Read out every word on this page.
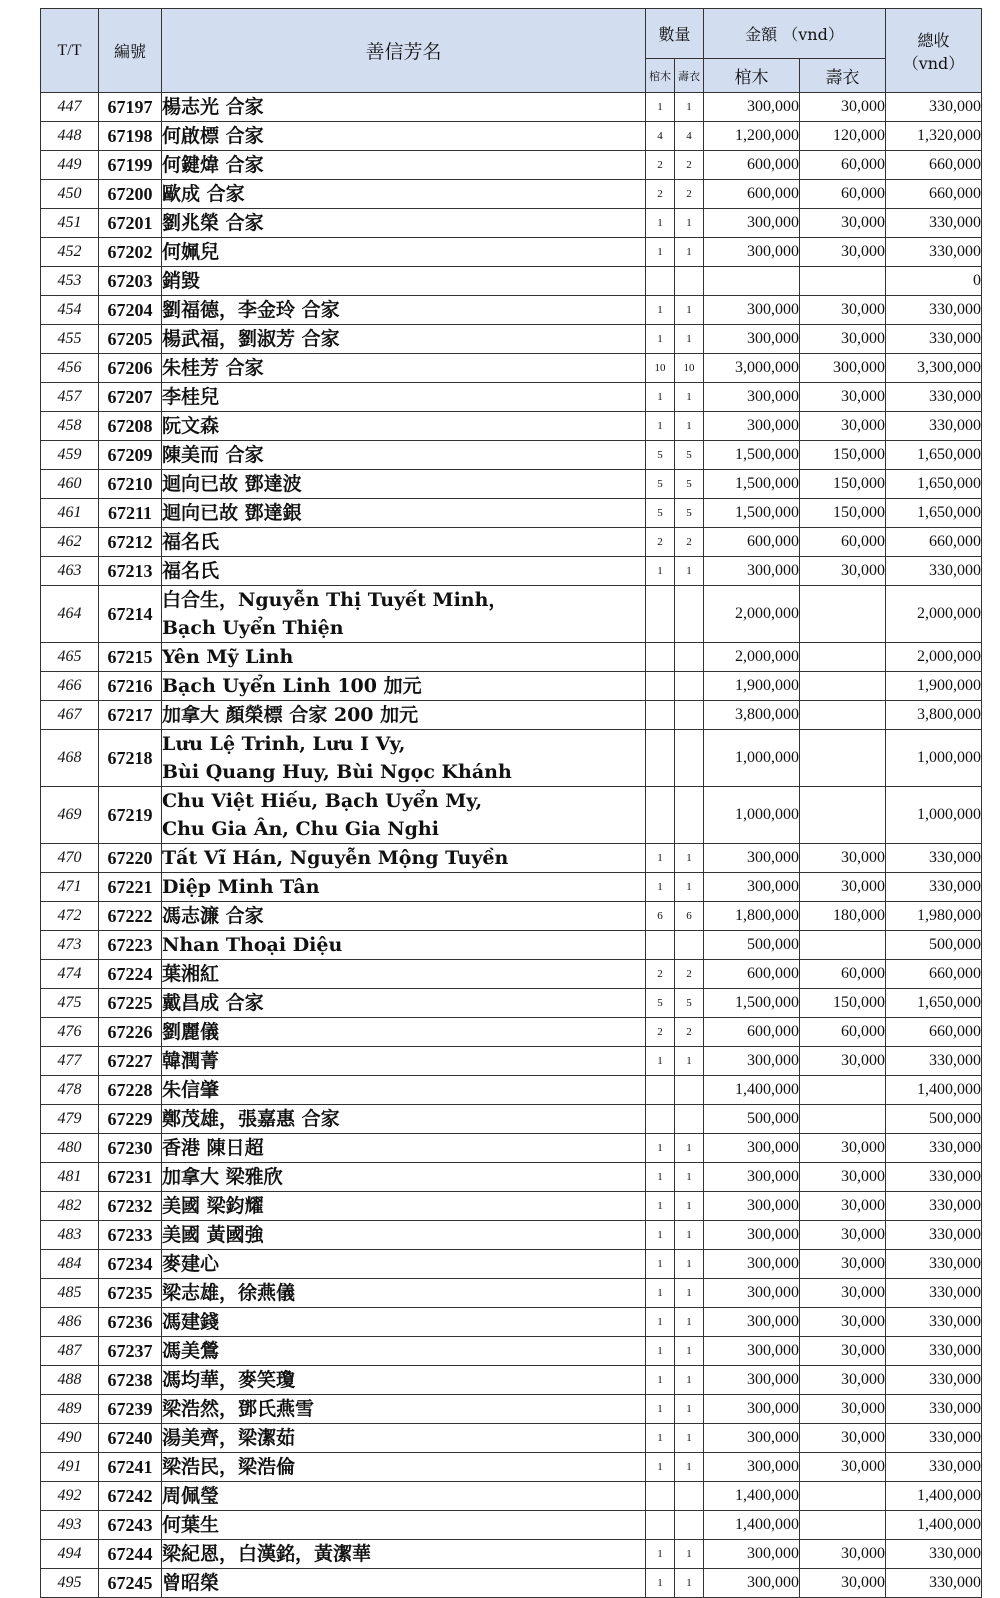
T/T	編號	善信芳名	數量		金額 （vnd）		總收
（vnd）

			棺木	壽衣	棺木	壽衣	
447	67197	楊志光 合家	1	1	300,000	30,000	330,000
448	67198	何啟標 合家	4	4	1,200,000	120,000	1,320,000
449	67199	何鍵煒 合家	2	2	600,000	60,000	660,000
450	67200	歐成 合家	2	2	600,000	60,000	660,000
451	67201	劉兆榮 合家	1	1	300,000	30,000	330,000
452	67202	何姵兒	1	1	300,000	30,000	330,000
453	67203	銷毀					0
454	67204	劉福德，李金玲 合家	1	1	300,000	30,000	330,000
455	67205	楊武福，劉淑芳 合家	1	1	300,000	30,000	330,000
456	67206	朱桂芳 合家	10	10	3,000,000	300,000	3,300,000
457	67207	李桂兒	1	1	300,000	30,000	330,000
458	67208	阮文森	1	1	300,000	30,000	330,000
459	67209	陳美而 合家	5	5	1,500,000	150,000	1,650,000
460	67210	迴向已故 鄧達波	5	5	1,500,000	150,000	1,650,000
461	67211	迴向已故 鄧達銀	5	5	1,500,000	150,000	1,650,000
462	67212	福名氏	2	2	600,000	60,000	660,000
463	67213	福名氏	1	1	300,000	30,000	330,000
464	67214	白合生，Nguyễn Thị Tuyết Minh，
Bạch Uyển Thiện			2,000,000		2,000,000
465	67215	Yên Mỹ Linh			2,000,000		2,000,000
466	67216	Bạch Uyển Linh 100 加元			1,900,000		1,900,000
467	67217	加拿大 顏榮標 合家 200 加元			3,800,000		3,800,000
468	67218	Lưu Lệ Trinh, Lưu I Vy,
Bùi Quang Huy, Bùi Ngọc Khánh			1,000,000		1,000,000
469	67219	Chu Việt Hiếu, Bạch Uyển My,
Chu Gia Ân, Chu Gia Nghi			1,000,000		1,000,000
470	67220	Tất Vĩ Hán, Nguyễn Mộng Tuyền	1	1	300,000	30,000	330,000
471	67221	Diệp Minh Tân	1	1	300,000	30,000	330,000
472	67222	馮志濂 合家	6	6	1,800,000	180,000	1,980,000
473	67223	Nhan Thoại Diệu			500,000		500,000
474	67224	葉湘紅	2	2	600,000	60,000	660,000
475	67225	戴昌成 合家	5	5	1,500,000	150,000	1,650,000
476	67226	劉麗儀	2	2	600,000	60,000	660,000
477	67227	韓潤菁	1	1	300,000	30,000	330,000
478	67228	朱信肇			1,400,000		1,400,000
479	67229	鄭茂雄，張嘉惠 合家			500,000		500,000
480	67230	香港 陳日超	1	1	300,000	30,000	330,000
481	67231	加拿大 梁雅欣	1	1	300,000	30,000	330,000
482	67232	美國 梁鈞耀	1	1	300,000	30,000	330,000
483	67233	美國 黃國強	1	1	300,000	30,000	330,000
484	67234	麥建心	1	1	300,000	30,000	330,000
485	67235	梁志雄，徐燕儀	1	1	300,000	30,000	330,000
486	67236	馮建錢	1	1	300,000	30,000	330,000
487	67237	馮美鶯	1	1	300,000	30,000	330,000
488	67238	馮均華，麥笑瓊	1	1	300,000	30,000	330,000
489	67239	梁浩然，鄧氏燕雪	1	1	300,000	30,000	330,000
490	67240	湯美齊，梁潔茹	1	1	300,000	30,000	330,000
491	67241	梁浩民，梁浩倫	1	1	300,000	30,000	330,000
492	67242	周佩瑩			1,400,000		1,400,000
493	67243	何葉生			1,400,000		1,400,000
494	67244	梁紀恩，白漢銘，黃潔華	1	1	300,000	30,000	330,000
495	67245	曾昭榮	1	1	300,000	30,000	330,000
